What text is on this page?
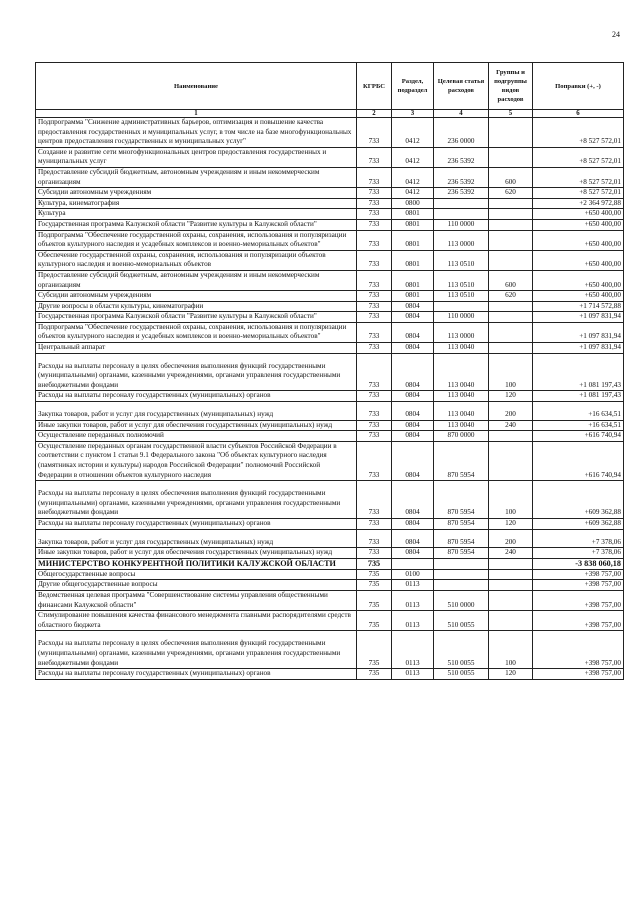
24
Наименование	КГРБС	Раздел, подраздел	Целевая статья расходов	Группы и подгруппы видов расходов	Поправки (+, -)
1	2	3	4	5	6
Подпрограмма "Снижение административных барьеров, оптимизация и повышение качества предоставления государственных и муниципальных услуг, в том числе на базе многофункциональных центров предоставления государственных и муниципальных услуг"	733	0412	236 0000		+8 527 572,01
Создание и развитие сети многофункциональных центров предоставления государственных и муниципальных услуг	733	0412	236 5392		+8 527 572,01
Предоставление субсидий бюджетным, автономным учреждениям и иным некоммерческим организациям	733	0412	236 5392	600	+8 527 572,01
Субсидии автономным учреждениям	733	0412	236 5392	620	+8 527 572,01
Культура, кинематография	733	0800			+2 364 972,88
Культура	733	0801			+650 400,00
Государственная программа Калужской области "Развитие культуры в Калужской области"	733	0801	110 0000		+650 400,00
Подпрограмма "Обеспечение государственной охраны, сохранения, использования и популяризации объектов культурного наследия и усадебных комплексов и военно-мемориальных объектов"	733	0801	113 0000		+650 400,00
Обеспечение государственной охраны, сохранения, использования и популяризации объектов культурного наследия и военно-мемориальных объектов	733	0801	113 0510		+650 400,00
Предоставление субсидий бюджетным, автономным учреждениям и иным некоммерческим организациям	733	0801	113 0510	600	+650 400,00
Субсидии автономным учреждениям	733	0801	113 0510	620	+650 400,00
Другие вопросы в области культуры, кинематографии	733	0804			+1 714 572,88
Государственная программа Калужской области "Развитие культуры в Калужской области"	733	0804	110 0000		+1 097 831,94
Подпрограмма "Обеспечение государственной охраны, сохранения, использования и популяризации объектов культурного наследия и усадебных комплексов и военно-мемориальных объектов"	733	0804	113 0000		+1 097 831,94
Центральный аппарат	733	0804	113 0040		+1 097 831,94
Расходы на выплаты персоналу в целях обеспечения выполнения функций государственными (муниципальными) органами, казенными учреждениями, органами управления государственными внебюджетными фондами	733	0804	113 0040	100	+1 081 197,43
Расходы на выплаты персоналу государственных (муниципальных) органов	733	0804	113 0040	120	+1 081 197,43
Закупка товаров, работ и услуг для государственных (муниципальных) нужд	733	0804	113 0040	200	+16 634,51
Иные закупки товаров, работ и услуг для обеспечения государственных (муниципальных) нужд	733	0804	113 0040	240	+16 634,51
Осуществление переданных полномочий	733	0804	870 0000		+616 740,94
Осуществление переданных органам государственной власти субъектов Российской Федерации в соответствии с пунктом 1 статьи 9.1 Федерального закона "Об объектах культурного наследия (памятниках истории и культуры) народов Российской Федерации" полномочий Российской Федерации в отношении объектов культурного наследия	733	0804	870 5954		+616 740,94
Расходы на выплаты персоналу в целях обеспечения выполнения функций государственными (муниципальными) органами, казенными учреждениями, органами управления государственными внебюджетными фондами	733	0804	870 5954	100	+609 362,88
Расходы на выплаты персоналу государственных (муниципальных) органов	733	0804	870 5954	120	+609 362,88
Закупка товаров, работ и услуг для государственных (муниципальных) нужд	733	0804	870 5954	200	+7 378,06
Иные закупки товаров, работ и услуг для обеспечения государственных (муниципальных) нужд	733	0804	870 5954	240	+7 378,06
МИНИСТЕРСТВО КОНКУРЕНТНОЙ ПОЛИТИКИ КАЛУЖСКОЙ ОБЛАСТИ	735				-3 838 060,18
Общегосударственные вопросы	735	0100			+398 757,00
Другие общегосударственные вопросы	735	0113			+398 757,00
Ведомственная целевая программа "Совершенствование системы управления общественными финансами Калужской области"	735	0113	510 0000		+398 757,00
Стимулирование повышения качества финансового менеджмента главными распорядителями средств областного бюджета	735	0113	510 0055		+398 757,00
Расходы на выплаты персоналу в целях обеспечения выполнения функций государственными (муниципальными) органами, казенными учреждениями, органами управления государственными внебюджетными фондами	735	0113	510 0055	100	+398 757,00
Расходы на выплаты персоналу государственных (муниципальных) органов	735	0113	510 0055	120	+398 757,00
